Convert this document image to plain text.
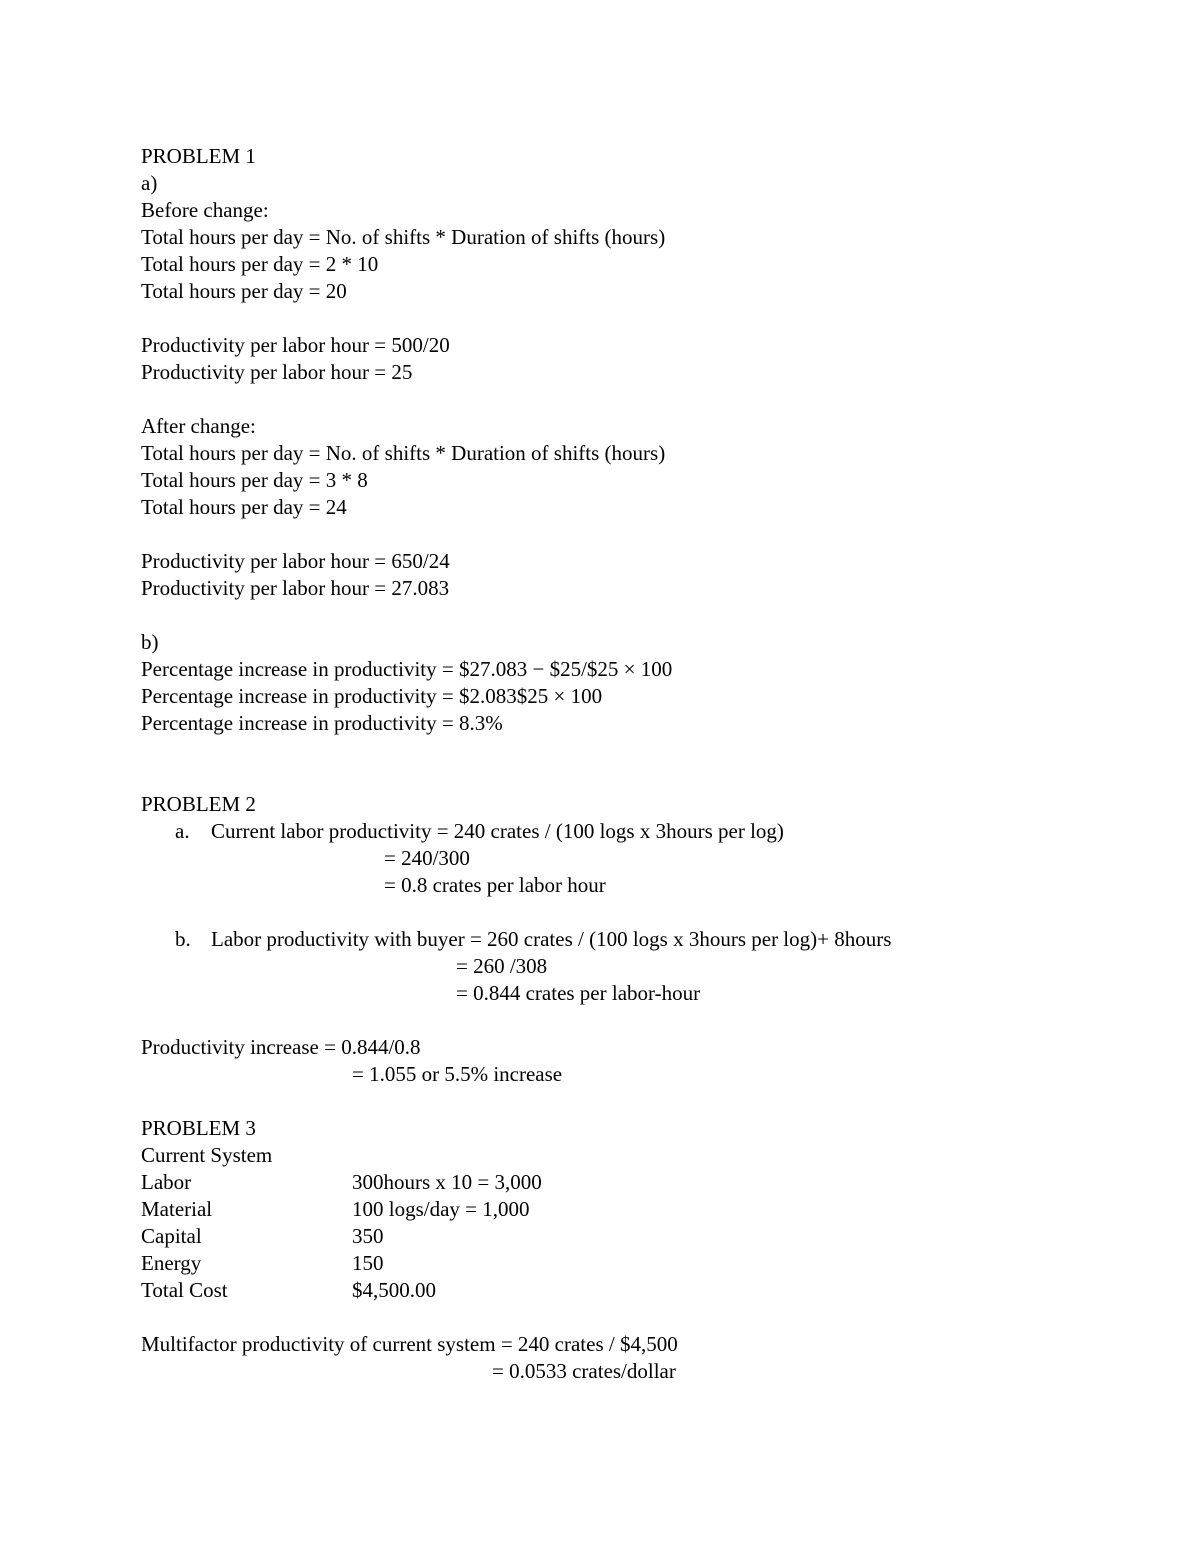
PROBLEM 1
a)
Before change:
Total hours per day = No. of shifts * Duration of shifts (hours)
Total hours per day = 2 * 10
Total hours per day = 20
Productivity per labor hour = 500/20
Productivity per labor hour = 25
After change:
Total hours per day = No. of shifts * Duration of shifts (hours)
Total hours per day = 3 * 8
Total hours per day = 24
Productivity per labor hour = 650/24
Productivity per labor hour = 27.083
b)
Percentage increase in productivity = $27.083 − $25/$25 × 100
Percentage increase in productivity = $2.083$25 × 100
Percentage increase in productivity = 8.3%
PROBLEM 2
a. Current labor productivity = 240 crates / (100 logs x 3hours per log)
= 240/300
= 0.8 crates per labor hour
b. Labor productivity with buyer = 260 crates / (100 logs x 3hours per log)+ 8hours
= 260 /308
= 0.844 crates per labor-hour
Productivity increase = 0.844/0.8
= 1.055 or 5.5% increase
PROBLEM 3
Current System
Labor	300hours x 10 = 3,000
Material	100 logs/day = 1,000
Capital	350
Energy	150
Total Cost	$4,500.00
Multifactor productivity of current system = 240 crates / $4,500
= 0.0533 crates/dollar
